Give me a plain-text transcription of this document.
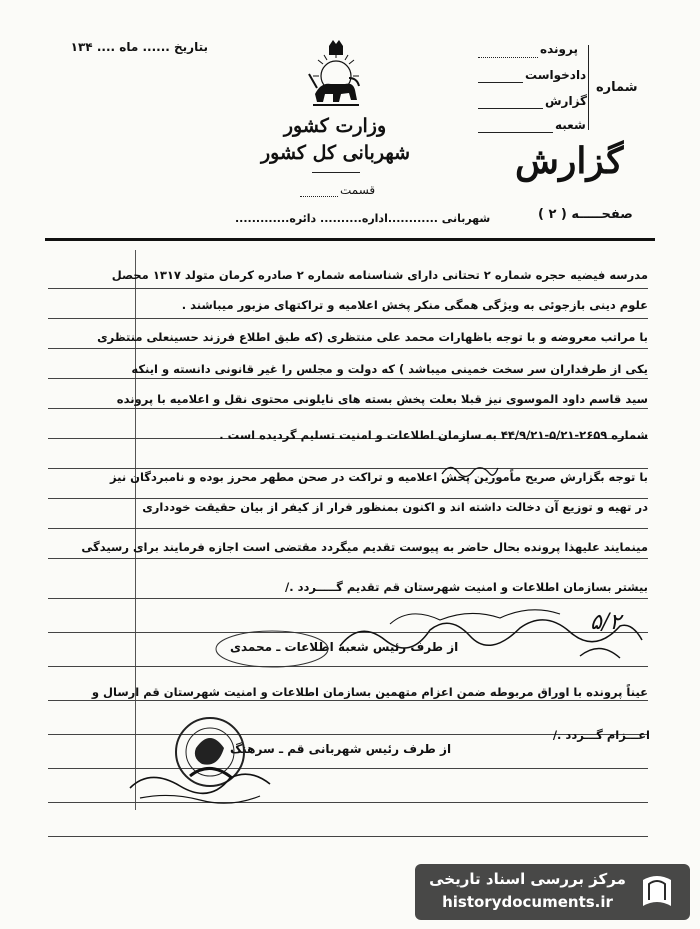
بتاریخ ...... ماه .... ۱۳۴	پرونده
دادخواست
گزارش
شعبه
شماره
وزارت کشور
شهربانی کل کشور
قسمت
گزارش
شهربانی ............اداره.......... دائره.............	صفحـــــه ( ۲ )
مدرسه فیضیه حجره شماره ۲ تحتانی دارای شناسنامه شماره ۲ صادره کرمان متولد ۱۳۱۷ محصل
علوم دینی بازجوئی به ویژگی همگی منکر پخش اعلامیه و تراکتهای مزبور میباشند .
با مراتب معروضه و با توجه باظهارات محمد علی منتظری (که طبق اطلاع فرزند حسینعلی منتظری
یکی از طرفداران سر سخت خمینی میباشد ) که دولت و مجلس را غیر قانونی دانسته و اینکه
سید قاسم داود الموسوی نیز قبلا بعلت پخش بسته های نایلونی محتوی نقل و اعلامیه با پرونده
شماره ۲۶۵۹-۵/۲۱-۴۴/۹/۲۱ به سازمان اطلاعات و امنیت تسلیم گردیده است .
با توجه بگزارش صریح ماًمورین پخش اعلامیه و تراکت در صحن مطهر محرز بوده و نامبردگان نیز
در تهیه و توزیع آن دخالت داشته اند و اکنون بمنظور فرار از کیفر از بیان حقیقت خودداری
مینمایند علیهذا پرونده بحال حاضر به پیوست تقدیم میگردد مقتضی است اجازه فرمایند برای رسیدگی
بیشتر بسازمان اطلاعات و امنیت شهرستان قم تقدیم گـــــردد ./
۵/۲
از طرف رئیس شعبه اطلاعات ـ محمدی
عیناً پرونده با اوراق مربوطه ضمن اعزام متهمین بسازمان اطلاعات و امنیت شهرستان قم ارسال و
اعـــزام گـــردد ./
از طرف رئیس شهربانی قم ـ سرهنگ
مرکز بررسی اسناد تاریخی
historydocuments.ir
